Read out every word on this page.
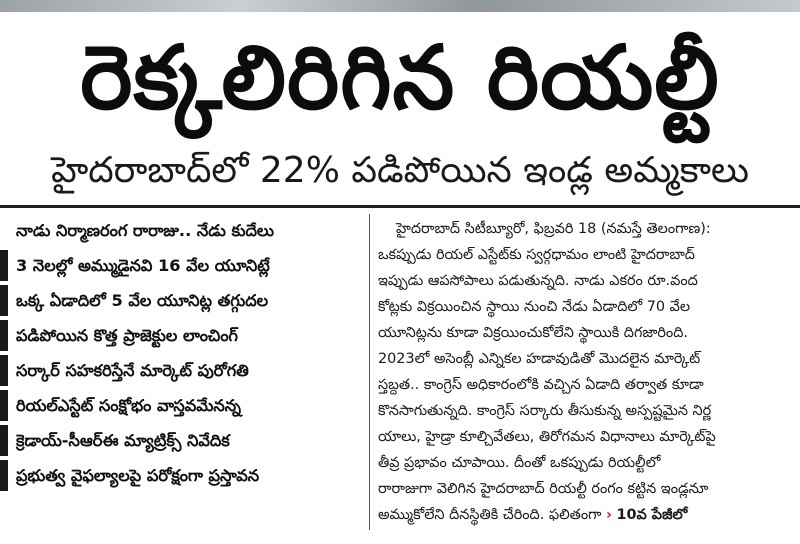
రెక్కలిరిగిన రియల్టీ
హైదరాబాద్‌లో 22% పడిపోయిన ఇండ్ల అమ్మకాలు
నాడు నిర్మాణరంగ రారాజు.. నేడు కుదేలు
3 నెలల్లో అమ్ముడైనవి 16 వేల యూనిట్లే
ఒక్క ఏడాదిలో 5 వేల యూనిట్ల తగ్గుదల
పడిపోయిన కొత్త ప్రాజెక్టుల లాంచింగ్
సర్కార్ సహకరిస్తేనే మార్కెట్ పురోగతి
రియల్‌ఎస్టేట్ సంక్షోభం వాస్తవమేనన్న
క్రెడాయ్-సీఆర్ఈ మ్యాట్రిక్స్ నివేదిక
ప్రభుత్వ వైఫల్యాలపై పరోక్షంగా ప్రస్తావన
హైదరాబాద్ సిటీబ్యూరో, ఫిబ్రవరి 18 (నమస్తే తెలంగాణ):
ఒకప్పుడు రియల్ ఎస్టేట్‌కు స్వర్గధామం లాంటి హైదరాబాద్
ఇప్పుడు ఆపసోపాలు పడుతున్నది. నాడు ఎకరం రూ.వంద
కోట్లకు విక్రయించిన స్థాయి నుంచి నేడు ఏడాదిలో 70 వేల
యూనిట్లను కూడా విక్రయించుకోలేని స్థాయికి దిగజారింది.
2023లో అసెంబ్లీ ఎన్నికల హడావుడితో మొదలైన మార్కెట్
స్తబ్దత.. కాంగ్రెస్ అధికారంలోకి వచ్చిన ఏడాది తర్వాత కూడా
కొనసాగుతున్నది. కాంగ్రెస్ సర్కారు తీసుకున్న అస్పష్టమైన నిర్ణ
యాలు, హైడ్రా కూల్చివేతలు, తిరోగమన విధానాలు మార్కెట్‌పై
తీవ్ర ప్రభావం చూపాయి. దీంతో ఒకప్పుడు రియల్టీలో
రారాజుగా వెలిగిన హైదరాబాద్ రియల్టీ రంగం కట్టిన ఇండ్లనూ
అమ్ముకోలేని దీనస్థితికి చేరింది. ఫలితంగా › 10వ పేజీలో
